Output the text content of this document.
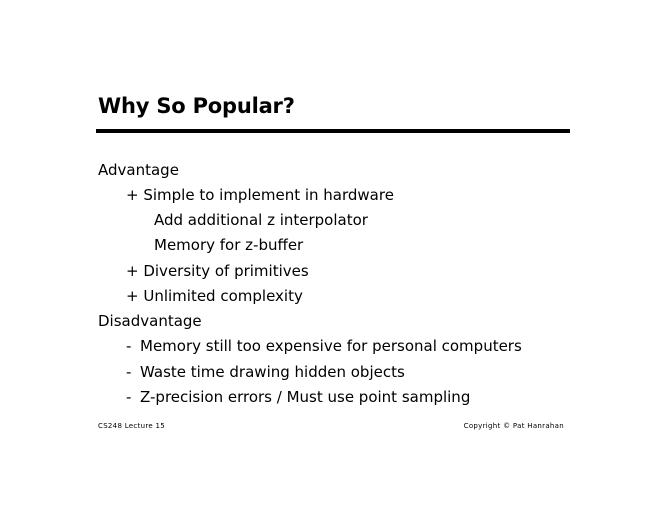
Why So Popular?
Advantage
+ Simple to implement in hardware
Add additional z interpolator
Memory for z-buffer
+ Diversity of primitives
+ Unlimited complexity
Disadvantage
- Memory still too expensive for personal computers
- Waste time drawing hidden objects
- Z-precision errors / Must use point sampling
CS248 Lecture 15	Copyright © Pat Hanrahan
